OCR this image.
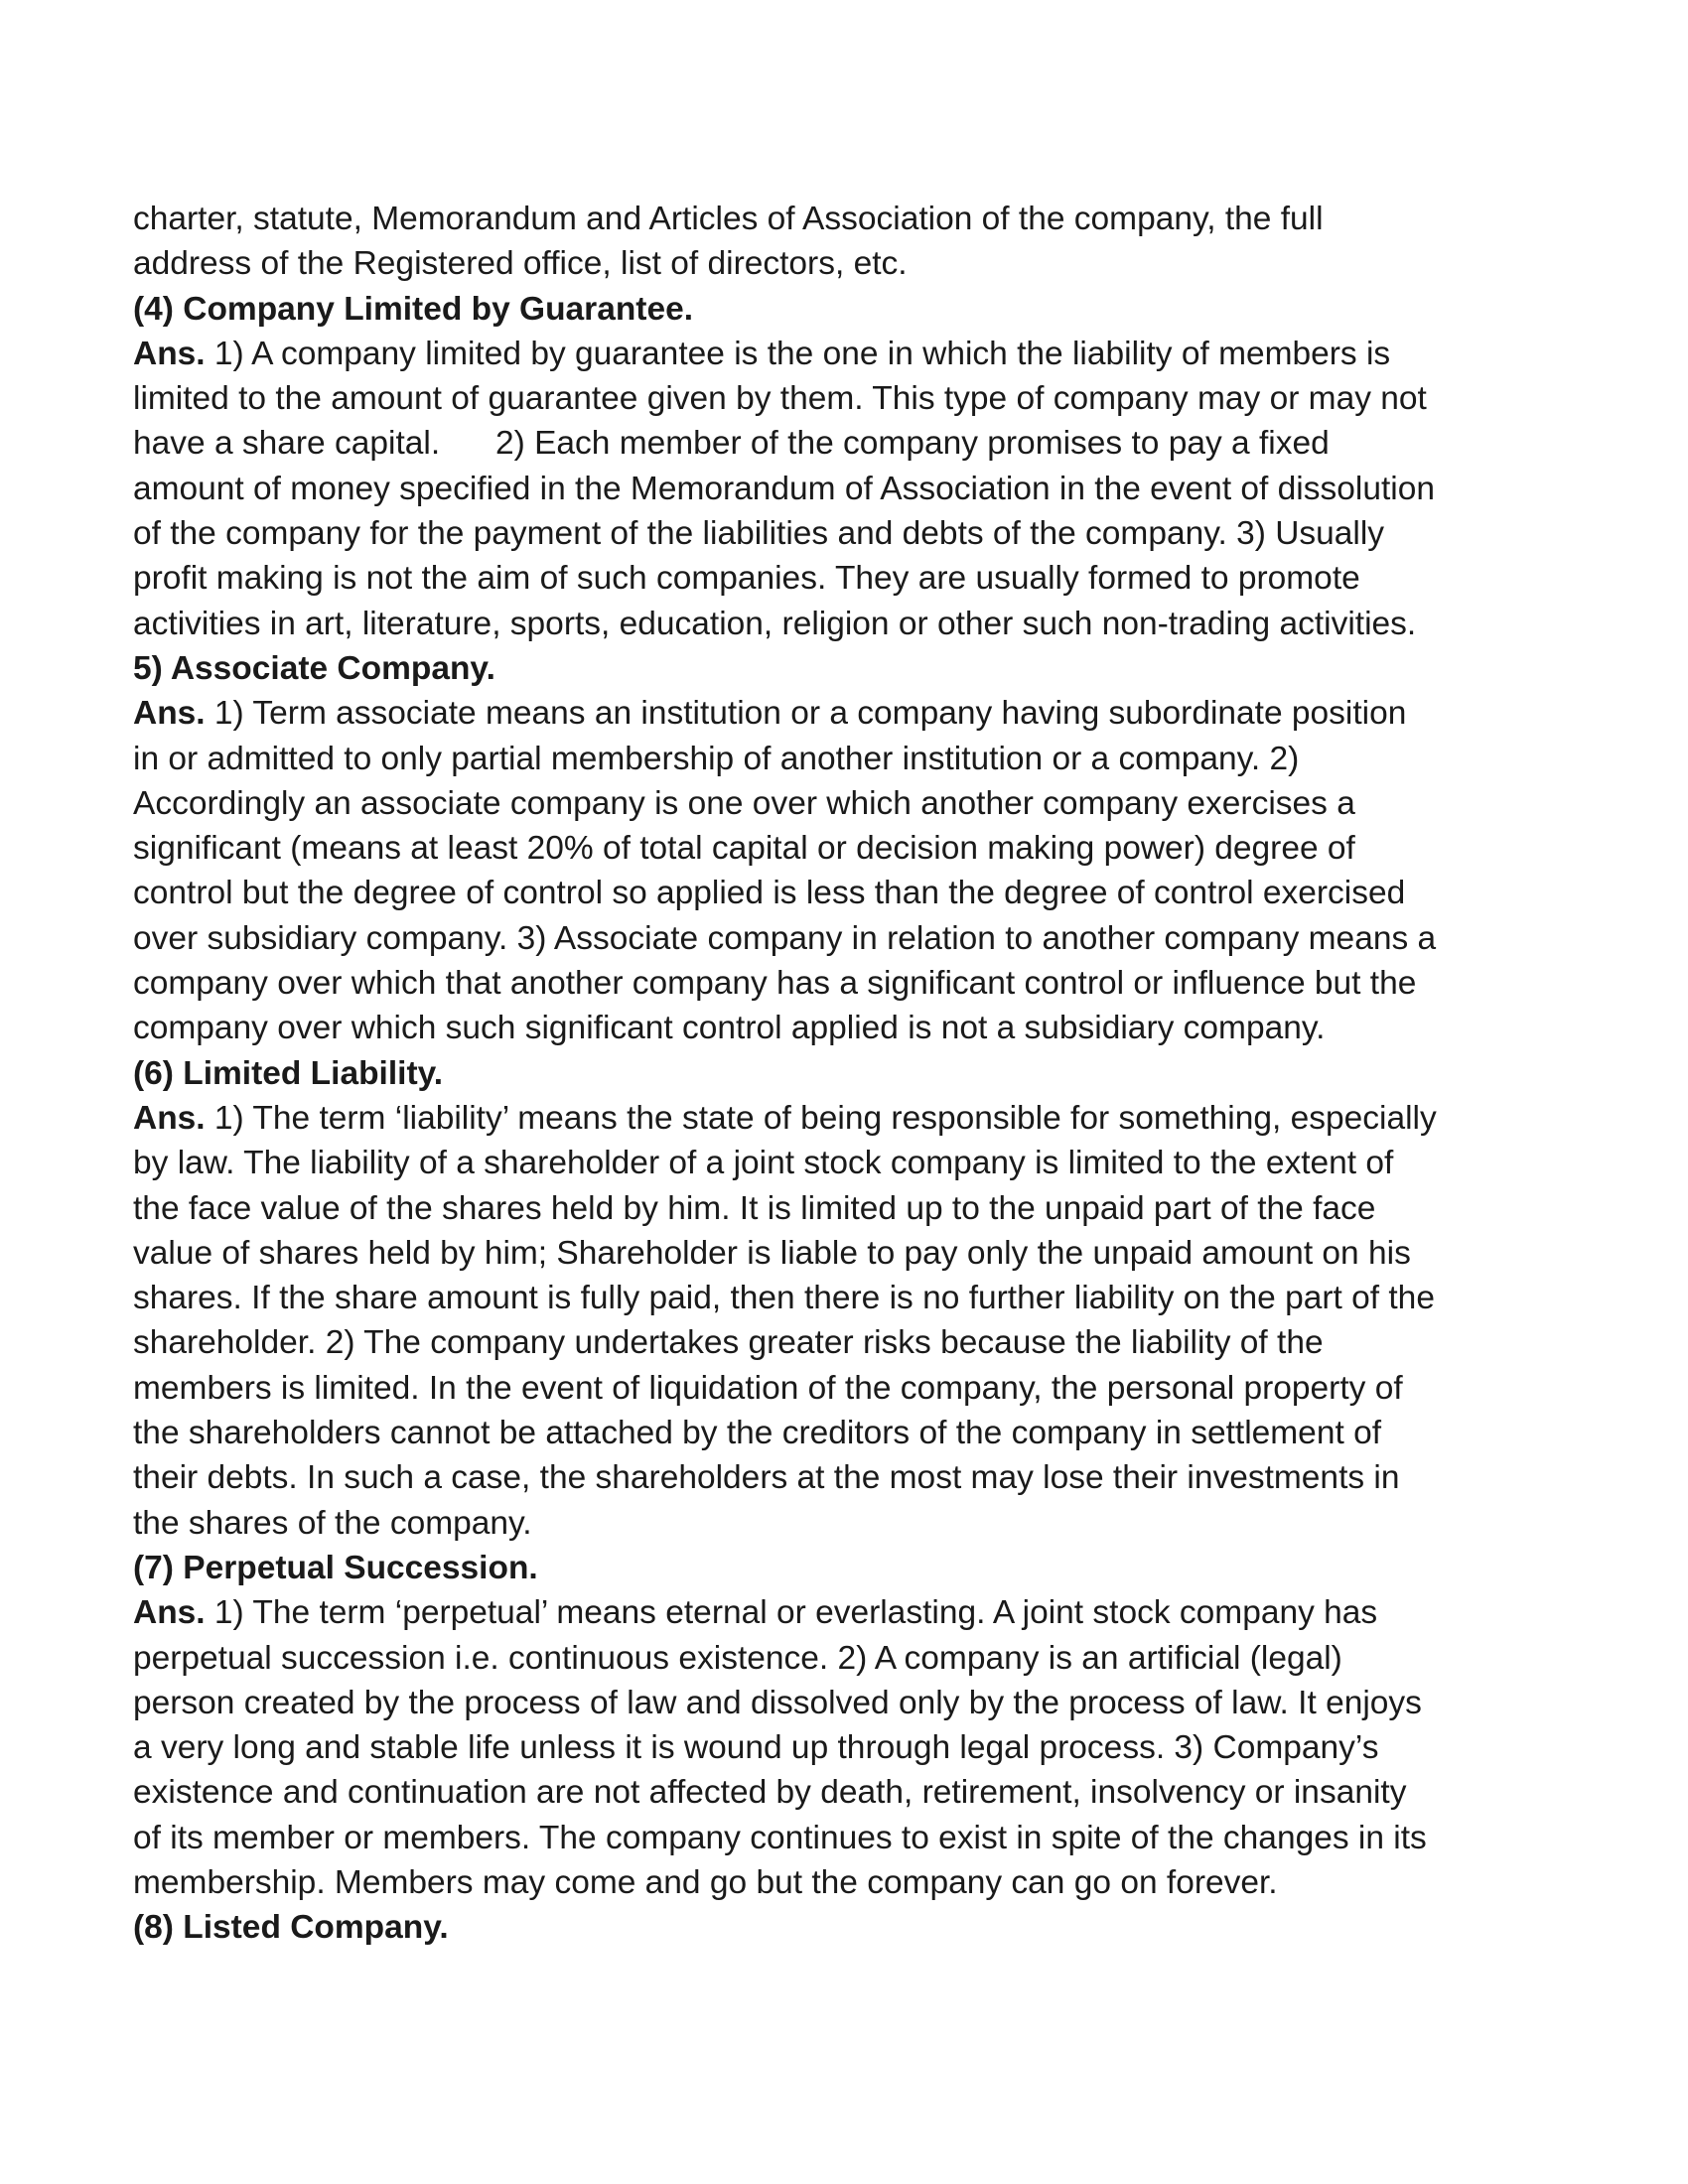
charter, statute, Memorandum and Articles of Association of the company, the full
address of the Registered office, list of directors, etc.
(4) Company Limited by Guarantee.
Ans. 1) A company limited by guarantee is the one in which the liability of members is
limited to the amount of guarantee given by them. This type of company may or may not
have a share capital.      2) Each member of the company promises to pay a fixed
amount of money specified in the Memorandum of Association in the event of dissolution
of the company for the payment of the liabilities and debts of the company. 3) Usually
profit making is not the aim of such companies. They are usually formed to promote
activities in art, literature, sports, education, religion or other such non-trading activities.
5) Associate Company.
Ans. 1) Term associate means an institution or a company having subordinate position
in or admitted to only partial membership of another institution or a company. 2)
Accordingly an associate company is one over which another company exercises a
significant (means at least 20% of total capital or decision making power) degree of
control but the degree of control so applied is less than the degree of control exercised
over subsidiary company. 3) Associate company in relation to another company means a
company over which that another company has a significant control or influence but the
company over which such significant control applied is not a subsidiary company.
(6) Limited Liability.
Ans. 1) The term ‘liability’ means the state of being responsible for something, especially
by law. The liability of a shareholder of a joint stock company is limited to the extent of
the face value of the shares held by him. It is limited up to the unpaid part of the face
value of shares held by him; Shareholder is liable to pay only the unpaid amount on his
shares. If the share amount is fully paid, then there is no further liability on the part of the
shareholder. 2) The company undertakes greater risks because the liability of the
members is limited. In the event of liquidation of the company, the personal property of
the shareholders cannot be attached by the creditors of the company in settlement of
their debts. In such a case, the shareholders at the most may lose their investments in
the shares of the company.
(7) Perpetual Succession.
Ans. 1) The term ‘perpetual’ means eternal or everlasting. A joint stock company has
perpetual succession i.e. continuous existence. 2) A company is an artificial (legal)
person created by the process of law and dissolved only by the process of law. It enjoys
a very long and stable life unless it is wound up through legal process. 3) Company’s
existence and continuation are not affected by death, retirement, insolvency or insanity
of its member or members. The company continues to exist in spite of the changes in its
membership. Members may come and go but the company can go on forever.
(8) Listed Company.
